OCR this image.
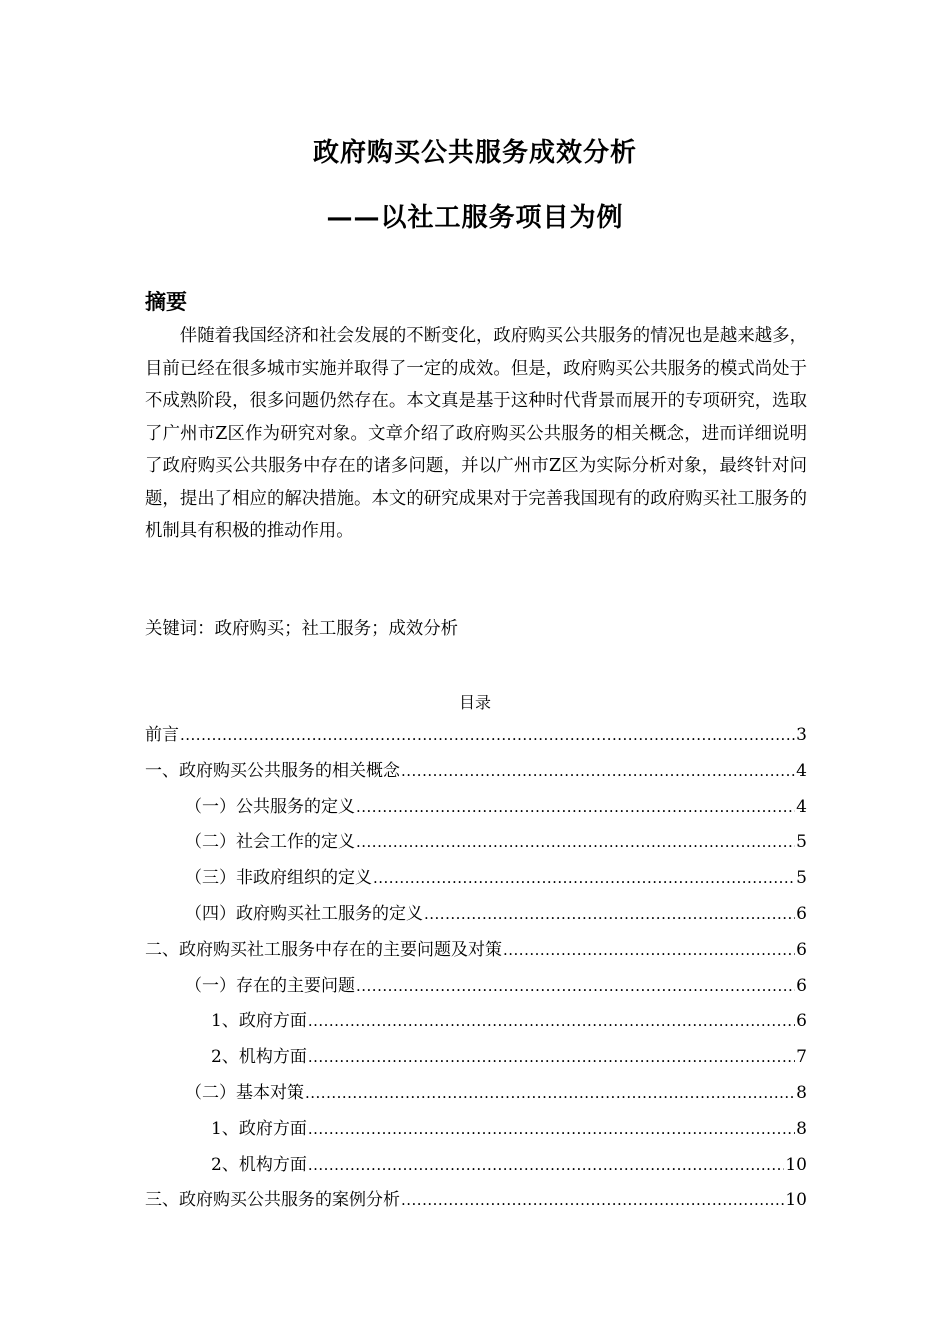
政府购买公共服务成效分析
——以社工服务项目为例
摘要
伴随着我国经济和社会发展的不断变化，政府购买公共服务的情况也是越来越多，目前已经在很多城市实施并取得了一定的成效。但是，政府购买公共服务的模式尚处于不成熟阶段，很多问题仍然存在。本文真是基于这种时代背景而展开的专项研究，选取了广州市Z区作为研究对象。文章介绍了政府购买公共服务的相关概念，进而详细说明了政府购买公共服务中存在的诸多问题，并以广州市Z区为实际分析对象，最终针对问题，提出了相应的解决措施。本文的研究成果对于完善我国现有的政府购买社工服务的机制具有积极的推动作用。
关键词：政府购买；社工服务；成效分析
目录
前言 .....	3
一、政府购买公共服务的相关概念 .....	4
（一）公共服务的定义 .....	4
（二）社会工作的定义 .....	5
（三）非政府组织的定义 .....	5
（四）政府购买社工服务的定义 .....	6
二、政府购买社工服务中存在的主要问题及对策 .....	6
（一）存在的主要问题 .....	6
1、政府方面 .....	6
2、机构方面 .....	7
（二）基本对策 .....	8
1、政府方面 .....	8
2、机构方面 .....	10
三、政府购买公共服务的案例分析 .....	10
